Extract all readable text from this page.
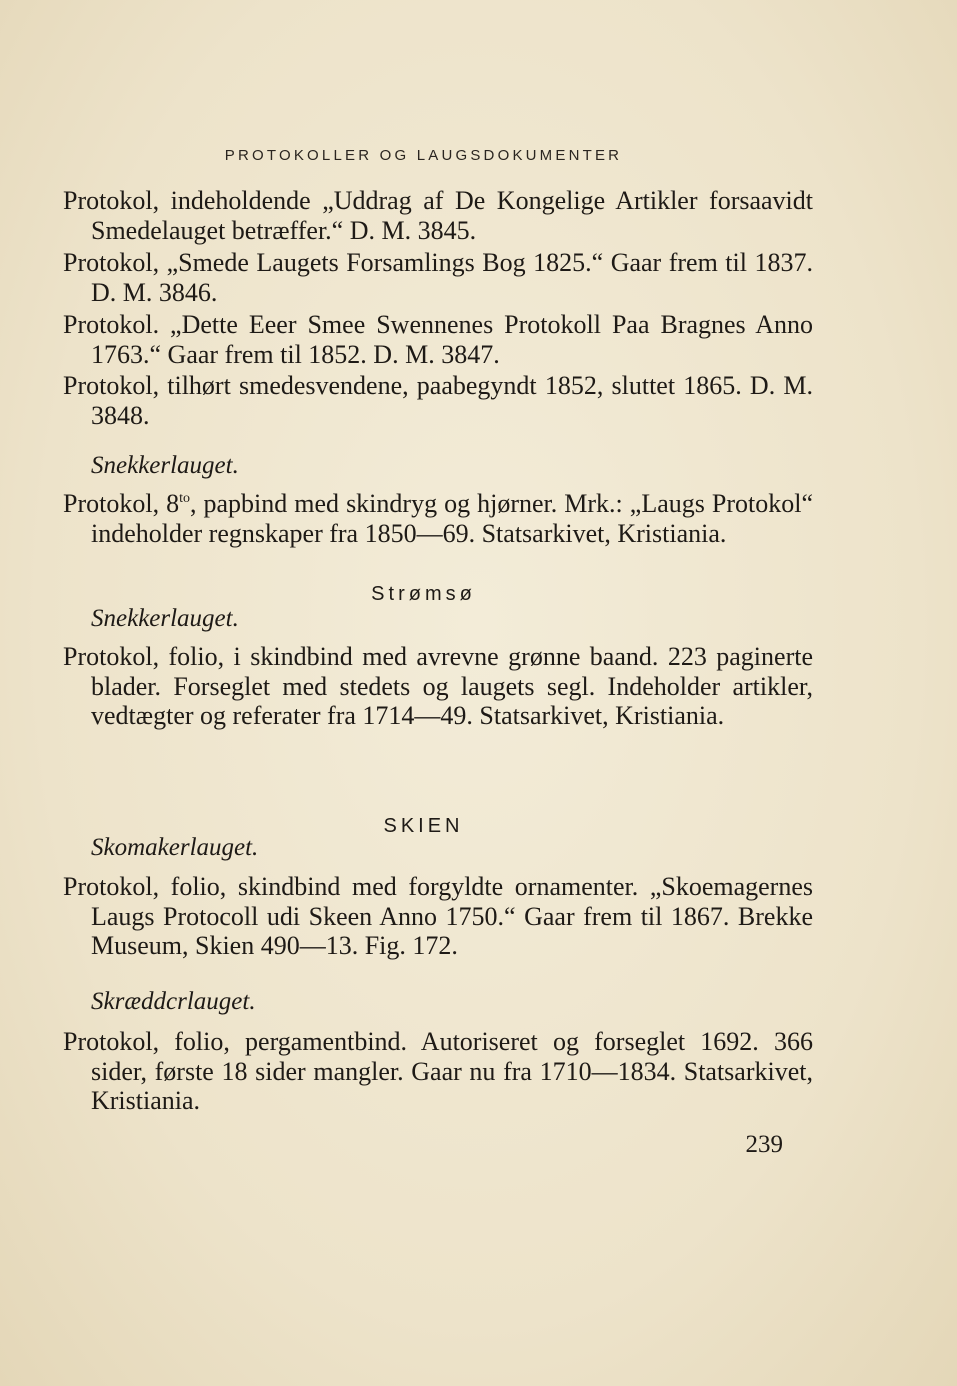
PROTOKOLLER OG LAUGSDOKUMENTER

Protokol, indeholdende „Uddrag af De Kongelige Artikler forsaavidt Smedelauget betræffer.“ D. M. 3845.

Protokol, „Smede Laugets Forsamlings Bog 1825.“ Gaar frem til 1837. D. M. 3846.

Protokol. „Dette Eeer Smee Swennenes Protokoll Paa Bragnes Anno 1763.“ Gaar frem til 1852. D. M. 3847.

Protokol, tilhørt smedesvendene, paabegyndt 1852, sluttet 1865. D. M. 3848.

Snekkerlauget.

Protokol, $8^{to}$, papbind med skindryg og hjørner. Mrk.: „Laugs Protokol“ indeholder regnskaper fra 1850—69. Statsarkivet, Kristiania.

Strømsø

Snekkerlauget.

Protokol, folio, i skindbind med avrevne grønne baand. 223 paginerte blader. Forseglet med stedets og laugets segl. Indeholder artikler, vedtægter og referater fra 1714—49. Statsarkivet, Kristiania.

SKIEN

Skomakerlauget.

Protokol, folio, skindbind med forgyldte ornamenter. „Skoemagernes Laugs Protocoll udi Skeen Anno 1750.“ Gaar frem til 1867. Brekke Museum, Skien 490—13. Fig. 172.

Skræddcrlauget.

Protokol, folio, pergamentbind. Autoriseret og forseglet 1692. 366 sider, første 18 sider mangler. Gaar nu fra 1710—1834. Statsarkivet, Kristiania.

239
